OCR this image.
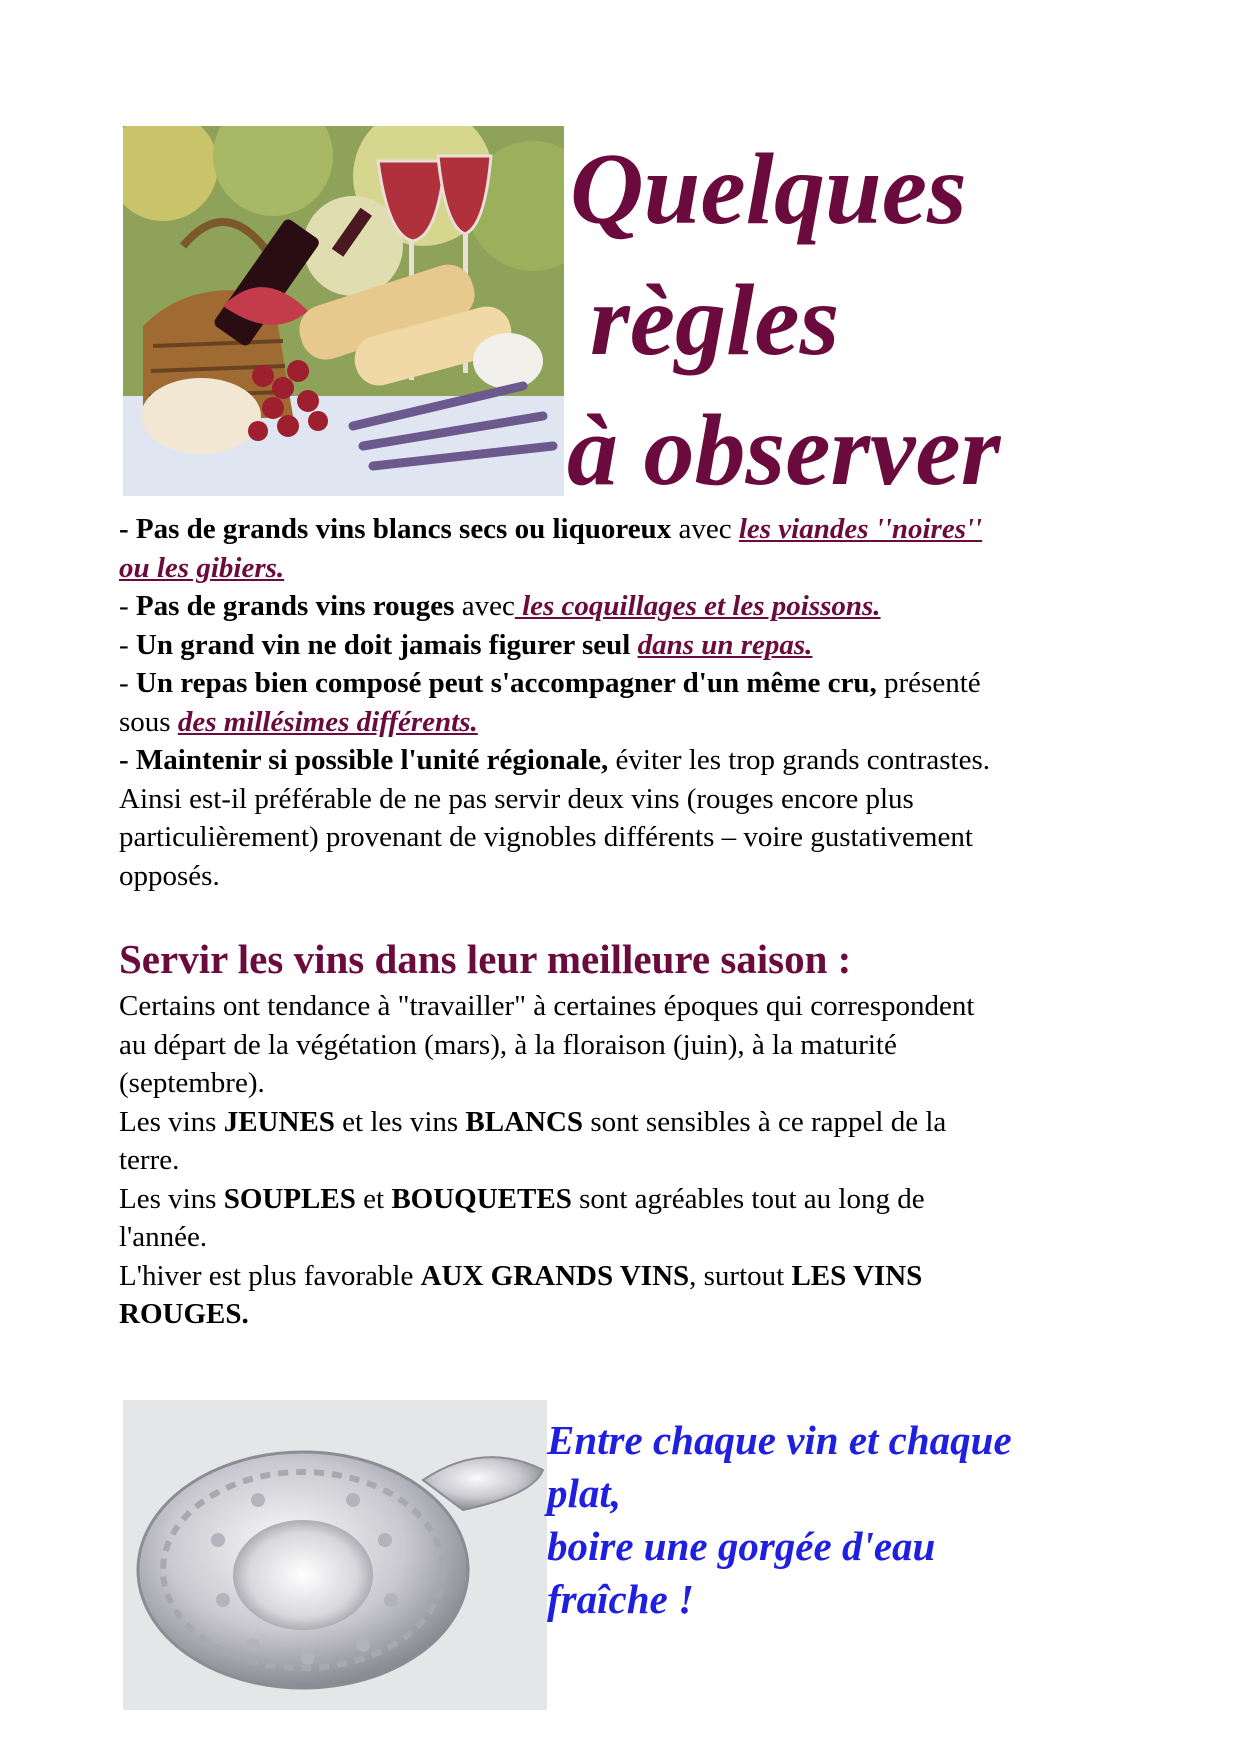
Quelques
règles
à observer

- Pas de grands vins blancs secs ou liquoreux avec les viandes ''noires''

ou les gibiers.

- Pas de grands vins rouges avec les coquillages et les poissons.

- Un grand vin ne doit jamais figurer seul dans un repas.

- Un repas bien composé peut s'accompagner d'un même cru, présenté

sous des millésimes différents.

- Maintenir si possible l'unité régionale, éviter les trop grands contrastes.

Ainsi est-il préférable de ne pas servir deux vins (rouges encore plus

particulièrement) provenant de vignobles différents – voire gustativement

opposés.

Servir les vins dans leur meilleure saison :

Certains ont tendance à "travailler" à certaines époques qui correspondent

au départ de la végétation (mars), à la floraison (juin), à la maturité

(septembre).

Les vins JEUNES et les vins BLANCS sont sensibles à ce rappel de la

terre.

Les vins SOUPLES et BOUQUETES sont agréables tout au long de

l'année.

L'hiver est plus favorable AUX GRANDS VINS, surtout LES VINS

ROUGES.

Entre chaque vin et chaque

plat,

boire une gorgée d'eau

fraîche !
